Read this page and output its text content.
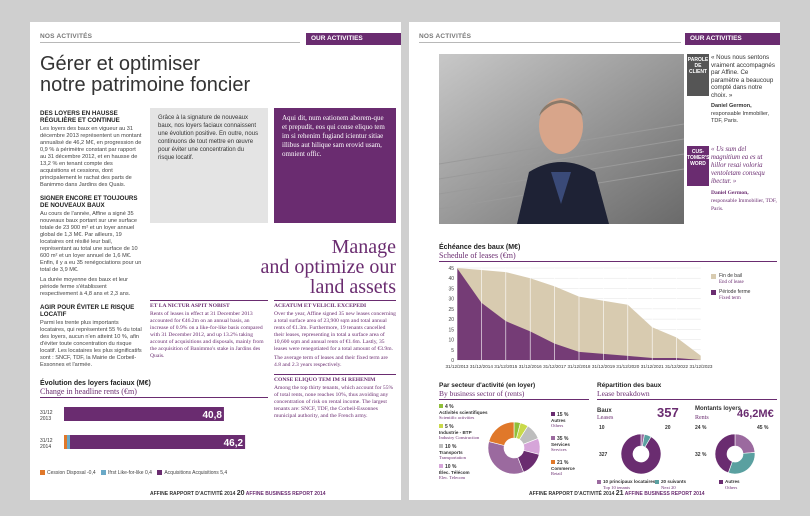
NOS ACTIVITÉS	OUR ACTIVITIES
Gérer et optimiser
notre patrimoine foncier
DES LOYERS EN HAUSSE RÉGULIÈRE ET CONTINUE
Les loyers des baux en vigueur au 31 décembre 2013 représentent un montant annualisé de 46,2 M€, en progression de 0,9 % à périmètre constant par rapport au 31 décembre 2012, et en hausse de 13,2 % en tenant compte des acquisitions et cessions, dont principalement le rachat des parts de Banimmo dans Jardins des Quais.
SIGNER ENCORE ET TOUJOURS DE NOUVEAUX BAUX
Au cours de l'année, Affine a signé 35 nouveaux baux portant sur une surface totale de 23 900 m² et un loyer annuel global de 1,3 M€. Par ailleurs, 19 locataires ont résilié leur bail, représentant au total une surface de 10 600 m² et un loyer annuel de 1,6 M€. Enfin, il y a eu 35 renégociations pour un total de 3,9 M€.
La durée moyenne des baux et leur période ferme s'établissent respectivement à 4,8 ans et 2,3 ans.
AGIR POUR ÉVITER LE RISQUE LOCATIF
Parmi les trente plus importants locataires, qui représentent 55 % du total des loyers, aucun n'en atteint 10 %, afin d'éviter toute concentration du risque locatif. Les locataires les plus significatifs sont : SNCF, TDF, la Mairie de Corbeil-Essonnes et l'armée.
Grâce à la signature de nouveaux baux, nos loyers faciaux connaissent une évolution positive. En outre, nous continuons de tout mettre en œuvre pour éviter une concentration du risque locatif.
Aqui dit, num eationem aborem-que et prepudit, eos qui conse eliquo tem im si rehenim fugiand icientur sitiae illibus aut hilique sam erovid usam, omnient offic.
Manage
and optimize our
land assets
ET LA NICTUR ASPIT NOBIST
Rents of leases in effect at 31 December 2013 accounted for €46.2m on an annual basis, an increase of 0.9% on a like-for-like basis compared with 31 December 2012, and up 13.2% taking account of acquisitions and disposals, mainly from the acquisition of Banimmo's stake in Jardins des Quais.
ACEATUM ET VELICIL EXCEPEDI
Over the year, Affine signed 35 new leases concerning a total surface area of 23,900 sqm and total annual rents of €1.3m. Furthermore, 19 tenants cancelled their leases, representing in total a surface area of 10,600 sqm and annual rents of €1.6m. Lastly, 35 leases were renegotiated for a total amount of €3.9m.
The average term of leases and their fixed term are 4.8 and 2.3 years respectively.
CONSE ELIQUO TEM IM SI REHENIM
Among the top thirty tenants, which account for 55% of total rents, none reaches 10%, thus avoiding any concentration of risk on rental income. The largest tenants are: SNCF, TDF, the Corbeil-Essonnes municipal authority, and the French army.
Évolution des loyers faciaux (M€)
Change in headline rents (€m)
31/12
2013	40,8
31/12
2014	46,2
Cession Disposal -0,4 Ifrst Like-for-like 0,4 Acquisitions Acquisitions 5,4
AFFINE RAPPORT D'ACTIVITÉ 2014 20 AFFINE BUSINESS REPORT 2014
NOS ACTIVITÉS	OUR ACTIVITIES
PAROLE DE CLIENT
« Nous nous sentons vraiment accompagnés par Affine. Ce paramètre a beaucoup compté dans notre choix. »
Daniel Germon,
responsable Immobilier, TDF, Paris.
CUS-TOMER'S WORD
« Us sum del magnitium ea es ut hillor resai voloria ventoletam consequ ibectur. »
Daniel Germon,
responsable Immobilier, TDF, Paris.
Échéance des baux (M€)
Schedule of leases (€m)
0
5
10
15
20
25
30
35
40
45
31/12/2013 31/12/2014 31/12/2015 31/12/2016 31/12/2017 31/12/2018 31/12/2019 31/12/2020 31/12/2021 31/12/2022 31/12/2023
Fin de bail
End of lease
Période ferme
Fixed term
Par secteur d'activité (en loyer)
By business sector of (rents)
4 %
Activités scientifiques
Scientific activities
5 %
Industrie - BTP
Industry Construction
10 %
Transports
Transportation
10 %
Élec. Télécom
Elec. Telecom
15 %
Autres
Others
35 %
Services
Services
21 %
Commerce
Retail
Répartition des baux
Lease breakdown
Baux
Leases	357
10	20
327
10 principaux locataires
Top 10 tenants
20 suivants
Next 20
Montants loyers
Rents	46,2M€
24 %	45 %
32 %
Autres
Others
AFFINE RAPPORT D'ACTIVITÉ 2014 21 AFFINE BUSINESS REPORT 2014
